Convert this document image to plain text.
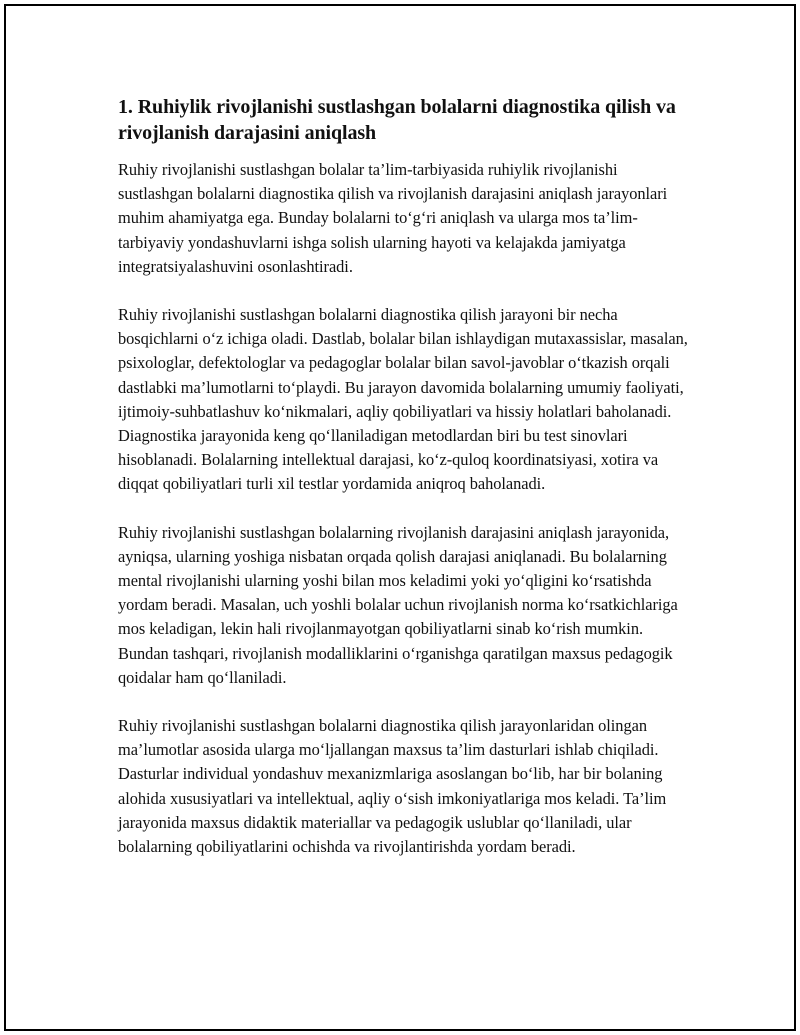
1. Ruhiylik rivojlanishi sustlashgan bolalarni diagnostika qilish va rivojlanish darajasini aniqlash

Ruhiy rivojlanishi sustlashgan bolalar ta’lim-tarbiyasida ruhiylik rivojlanishi sustlashgan bolalarni diagnostika qilish va rivojlanish darajasini aniqlash jarayonlari muhim ahamiyatga ega. Bunday bolalarni to‘g‘ri aniqlash va ularga mos ta’lim-tarbiyaviy yondashuvlarni ishga solish ularning hayoti va kelajakda jamiyatga integratsiyalashuvini osonlashtiradi.

Ruhiy rivojlanishi sustlashgan bolalarni diagnostika qilish jarayoni bir necha bosqichlarni o‘z ichiga oladi. Dastlab, bolalar bilan ishlaydigan mutaxassislar, masalan, psixologlar, defektologlar va pedagoglar bolalar bilan savol-javoblar o‘tkazish orqali dastlabki ma’lumotlarni to‘playdi. Bu jarayon davomida bolalarning umumiy faoliyati, ijtimoiy-suhbatlashuv ko‘nikmalari, aqliy qobiliyatlari va hissiy holatlari baholanadi. Diagnostika jarayonida keng qo‘llaniladigan metodlardan biri bu test sinovlari hisoblanadi. Bolalarning intellektual darajasi, ko‘z-quloq koordinatsiyasi, xotira va diqqat qobiliyatlari turli xil testlar yordamida aniqroq baholanadi.

Ruhiy rivojlanishi sustlashgan bolalarning rivojlanish darajasini aniqlash jarayonida, ayniqsa, ularning yoshiga nisbatan orqada qolish darajasi aniqlanadi. Bu bolalarning mental rivojlanishi ularning yoshi bilan mos keladimi yoki yo‘qligini ko‘rsatishda yordam beradi. Masalan, uch yoshli bolalar uchun rivojlanish norma ko‘rsatkichlariga mos keladigan, lekin hali rivojlanmayotgan qobiliyatlarni sinab ko‘rish mumkin. Bundan tashqari, rivojlanish modalliklarini o‘rganishga qaratilgan maxsus pedagogik qoidalar ham qo‘llaniladi.

Ruhiy rivojlanishi sustlashgan bolalarni diagnostika qilish jarayonlaridan olingan ma’lumotlar asosida ularga mo‘ljallangan maxsus ta’lim dasturlari ishlab chiqiladi. Dasturlar individual yondashuv mexanizmlariga asoslangan bo‘lib, har bir bolaning alohida xususiyatlari va intellektual, aqliy o‘sish imkoniyatlariga mos keladi. Ta’lim jarayonida maxsus didaktik materiallar va pedagogik uslublar qo‘llaniladi, ular bolalarning qobiliyatlarini ochishda va rivojlantirishda yordam beradi.
